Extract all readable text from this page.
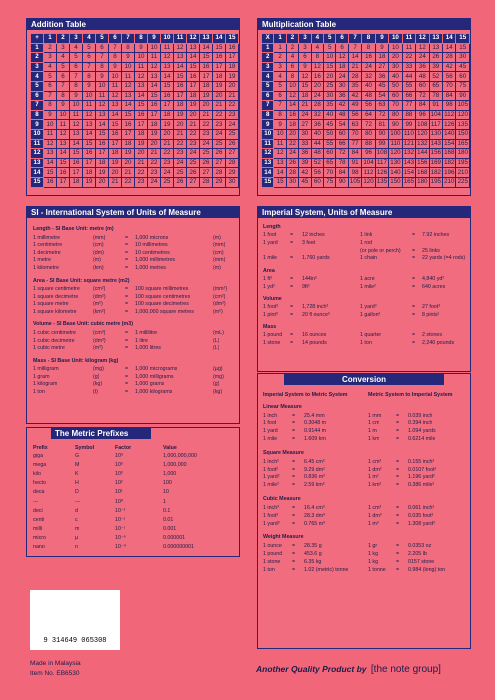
Addition Table
+	1	2	3	4	5	6	7	8	9	10	11	12	13	14	15
1	2	3	4	5	6	7	8	9	10	11	12	13	14	15	16
2	3	4	5	6	7	8	9	10	11	12	13	14	15	16	17
3	4	5	6	7	8	9	10	11	12	13	14	15	16	17	18
4	5	6	7	8	9	10	11	12	13	14	15	16	17	18	19
5	6	7	8	9	10	11	12	13	14	15	16	17	18	19	20
6	7	8	9	10	11	12	13	14	15	16	17	18	19	20	21
7	8	9	10	11	12	13	14	15	16	17	18	19	20	21	22
8	9	10	11	12	13	14	15	16	17	18	19	20	21	22	23
9	10	11	12	13	14	15	16	17	18	19	20	21	22	23	24
10	11	12	13	14	15	16	17	18	19	20	21	22	23	24	25
11	12	13	14	15	16	17	18	19	20	21	22	23	24	25	26
12	13	14	15	16	17	18	19	20	21	22	23	24	25	26	27
13	14	15	16	17	18	19	20	21	22	23	24	25	26	27	28
14	15	16	17	18	19	20	21	22	23	24	25	26	27	28	29
15	16	17	18	19	20	21	22	23	24	25	26	27	28	29	30
Multiplication Table
X	1	2	3	4	5	6	7	8	9	10	11	12	13	14	15
1	1	2	3	4	5	6	7	8	9	10	11	12	13	14	15
2	2	4	6	8	10	12	14	16	18	20	22	24	26	28	30
3	3	6	9	12	15	18	21	24	27	30	33	36	39	42	45
4	4	8	12	16	20	24	28	32	36	40	44	48	52	56	60
5	5	10	15	20	25	30	35	40	45	50	55	60	65	70	75
6	6	12	18	24	30	36	42	48	54	60	66	72	78	84	90
7	7	14	21	28	35	42	49	56	63	70	77	84	91	98	105
8	8	16	24	32	40	48	56	64	72	80	88	96	104	112	120
9	9	18	27	36	45	54	63	72	81	90	99	108	117	126	135
10	10	20	30	40	50	60	70	80	90	100	110	120	130	140	150
11	11	22	33	44	55	66	77	88	99	110	121	132	143	154	165
12	12	24	36	48	60	72	84	96	108	120	132	144	156	168	180
13	13	26	39	52	65	78	91	104	117	130	143	156	169	182	195
14	14	28	42	56	70	84	98	112	126	140	154	168	182	196	210
15	15	30	45	60	75	90	105	120	135	150	165	180	195	210	225
SI - International System of Units of Measure
Length - SI Base Unit: metre (m)
1 millimetre	(mm)	= 1,000 microns	(m)
1 centimetre	(cm)	= 10 millimetres	(mm)
1 decimetre	(dm)	= 10 centimetres	(cm)
1 metre	(m)	= 1,000 millimetres	(mm)
1 kilometre	(km)	= 1,000 metres	(m)
Area - SI Base Unit: square metre (m2)
1 square centimetre (cm²)	= 100 square millimetres	(mm²)
1 square decimetre	(dm²)	= 100 square centimetres	(cm²)
1 square metre	(m²)	= 100 square decimetres	(dm²)
1 square kilometre	(km²)	= 1,000,000 square metres	(m²)
Volume - SI Base Unit: cubic metre (m3)
1 cubic centimetre	(cm³)	= 1 millilitre	(mL)
1 cubic decimetre	(dm³)	= 1 litre	(L)
1 cubic metre	(m³)	= 1,000 litres	(L)
Mass - SI Base Unit: kilogram (kg)
1 milligram	(mg)	= 1,000 micrograms	(µg)
1 gram	(g)	= 1,000 milligrams	(mg)
1 kilogram	(kg)	= 1,000 grams	(g)
1 ton	(t)	= 1,000 kilograms	(kg)
The Metric Prefixes
Prefix	Symbol	Factor	Value
giga	G	10⁹	1,000,000,000
mega	M	10⁶	1,000,000
kilo	K	10³	1,000
hecto	H	10²	100
deca	D	10¹	10
---	---	10⁰	1
deci	d	10⁻¹	0.1
centi	c	10⁻²	0.01
milli	m	10⁻³	0.001
micro	µ	10⁻⁶	0.000001
nano	n	10⁻⁹	0.000000001
Imperial System, Units of Measure
Length
1 foot	= 12 inches	1 link	= 7.92 inches
1 yard = 3 feet	1 rod
(or pole or perch) = 25 links
1 mile = 1,760 yards	1 chain	= 22 yards (=4 rods)
Area
1 ft²	= 144in²	1 acre	= 4,840 yd²
1 yd²	= 9ft²	1 mile²	= 640 acres
Volume
1 foot³ = 1,728 inch³	1 yard³	= 27 foot³
1 pint³ = 20 fl ounce³	1 gallon³	= 8 pints³
Mass
1 pound = 16 ounces	1 quarter	= 2 stones
1 stone = 14 pounds	1 ton	= 2,240 pounds
Conversion
Imperial System to Metric System	Metric System to Imperial System
Linear Measure
1 inch	= 25.4 mm	1 mm	= 0.039 inch
1 foot	= 0.3048 m	1 cm	= 0.394 inch
1 yard	= 0.9144 m	1 m	= 1.094 yards
1 mile	= 1.609 km	1 km	= 0.6214 mile
Square Measure
1 inch² = 6.45 cm²	1 cm²	= 0.155 inch²
1 foot²	= 9.29 dm²	1 dm²	= 0.0107 foot²
1 yard² = 0.836 m²	1 m²	= 1.196 yard²
1 mile² = 2.59 km²	1 km²	= 0.386 mile²
Cubic Measure
1 inch³ = 16.4 cm³	1 cm³	= 0.061 inch³
1 foot³	= 28.3 dm³	1 dm³	= 0.035 foot³
1 yard³ = 0.765 m³	1 m³	= 1.308 yard³
Weight Measure
1 ounce = 28.35 g	1 gr	= 0.0353 oz
1 pound = 453.6 g	1 kg	= 2.205 lb
1 stone = 6.35 kg	1 kg	= 0157 stone
1 ton	= 1.02 (metric) tonne	1 tonne = 0.984 (long) ton
9 314649 065308
Made in Malaysia
Item No. EB6530	Another Quality Product by [the note group]
